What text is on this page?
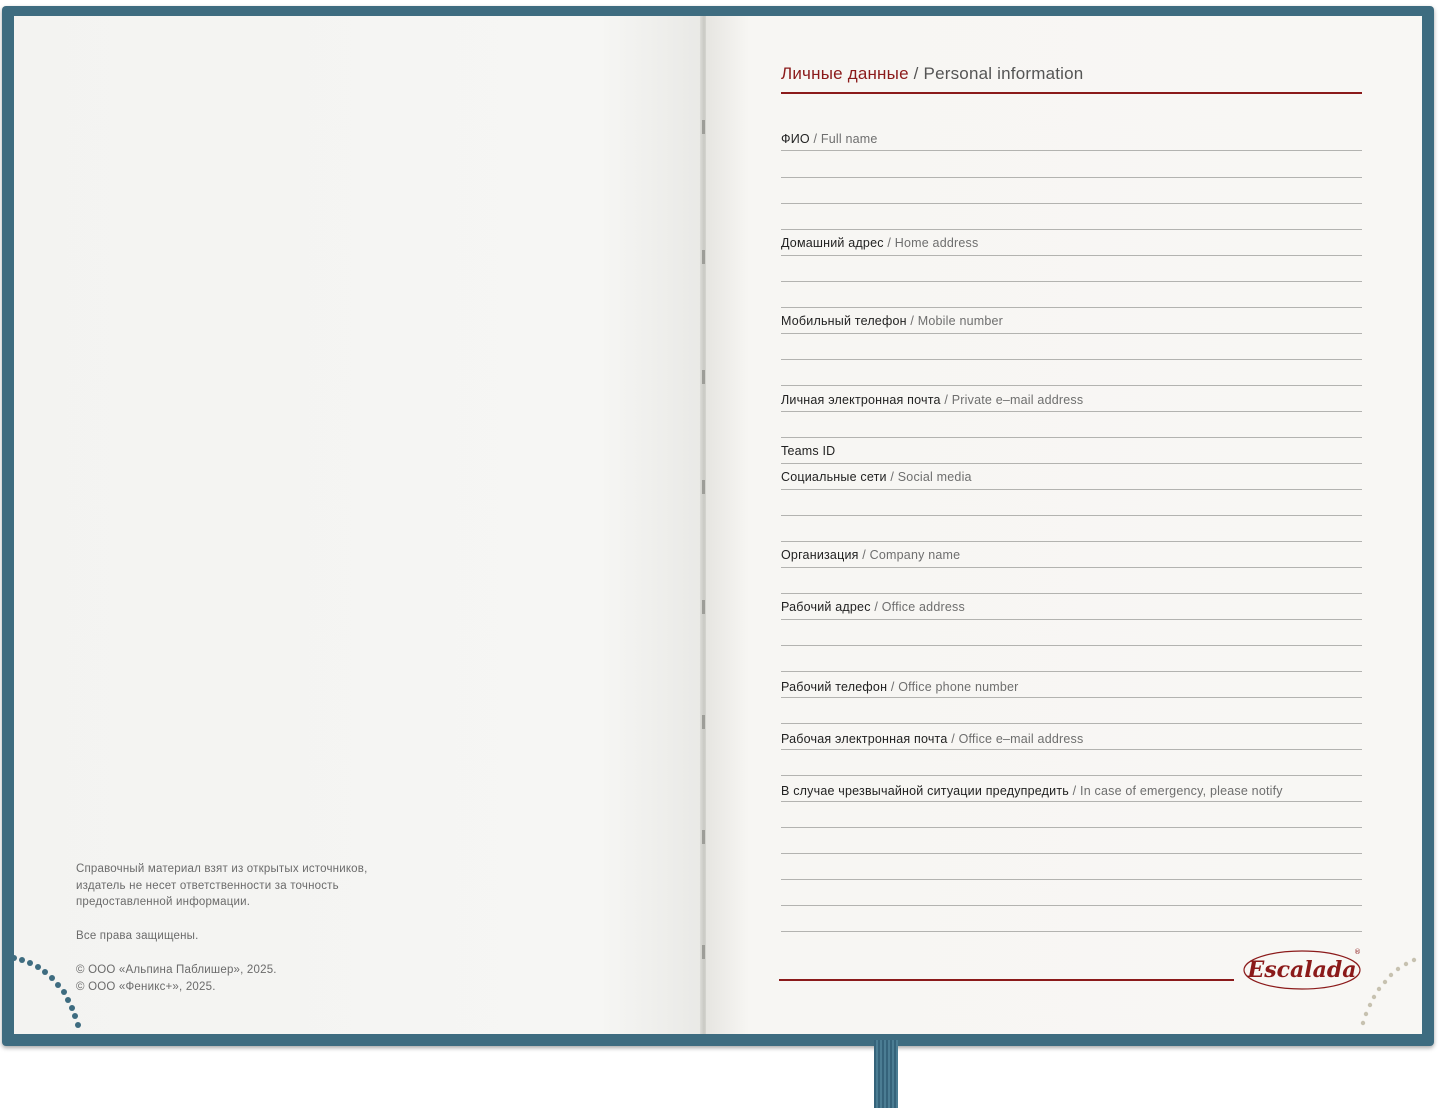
Справочный материал взят из открытых источников,

издатель не несет ответственности за точность

предоставленной информации.

Все права защищены.

© ООО «Альпина Паблишер», 2025.

© ООО «Феникс+», 2025.

Личные данные / Personal information
ФИО / Full name
Домашний адрес / Home address
Мобильный телефон / Mobile number
Личная электронная почта / Private e–mail address
Teams ID
Социальные сети / Social media
Организация / Company name
Рабочий адрес / Office address
Рабочий телефон / Office phone number
Рабочая электронная почта / Office e–mail address
В случае чрезвычайной ситуации предупредить / In case of emergency, please notify
Escalada
®
